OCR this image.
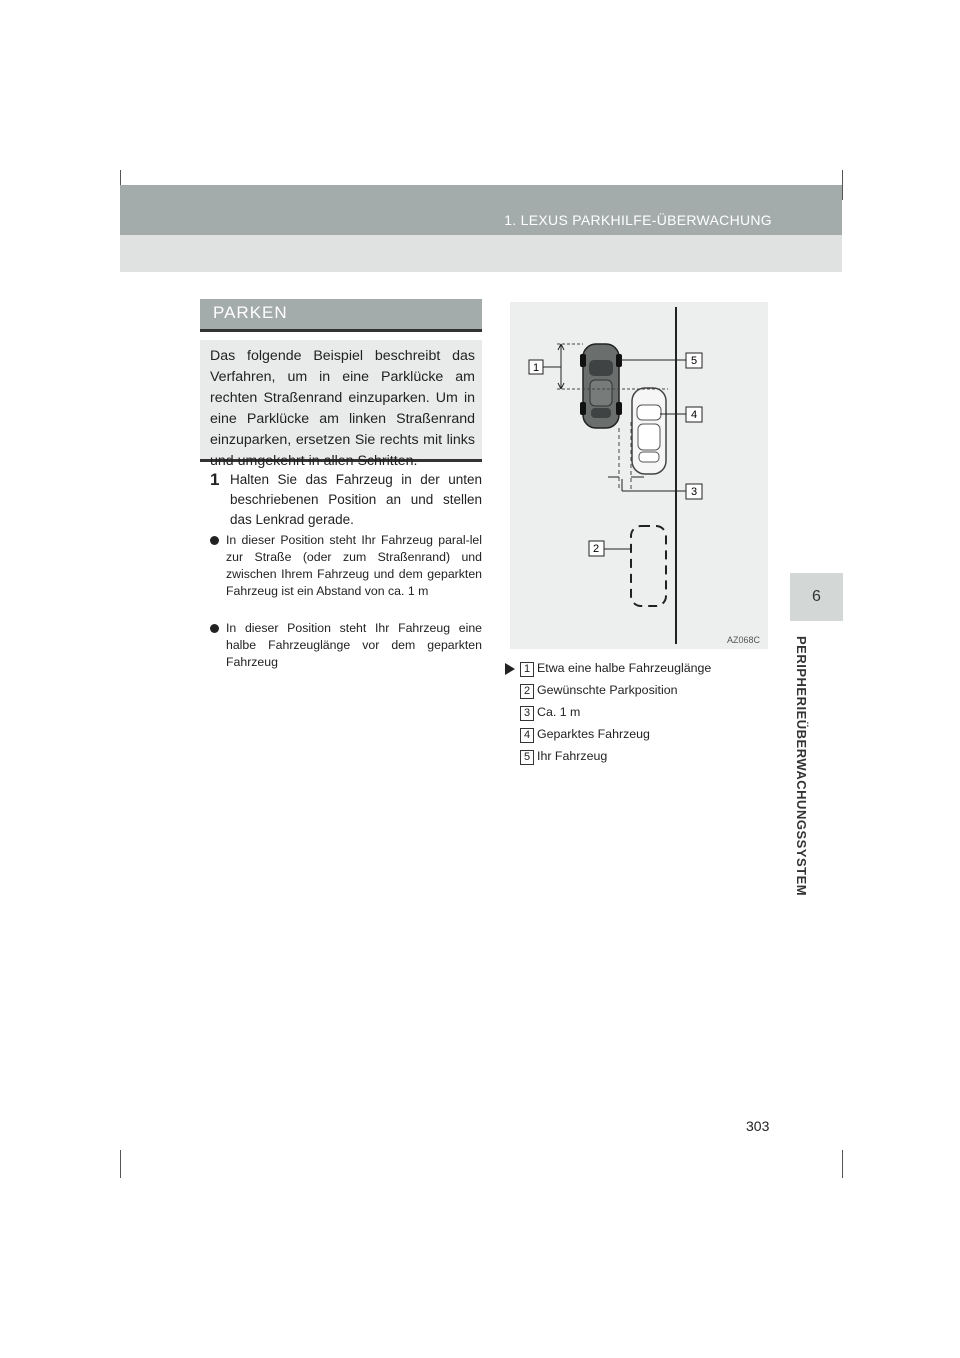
1. LEXUS PARKHILFE-ÜBERWACHUNG
6
PERIPHERIEÜBERWACHUNGSSYSTEM
PARKEN

Das folgende Beispiel beschreibt das Verfahren, um in eine Parklücke am rechten Straßenrand einzuparken. Um in eine Parklücke am linken Straßenrand einzuparken, ersetzen Sie rechts mit links und umgekehrt in allen Schritten.

1 Halten Sie das Fahrzeug in der unten beschriebenen Position an und stellen das Lenkrad gerade.
In dieser Position steht Ihr Fahrzeug paral-lel zur Straße (oder zum Straßenrand) und zwischen Ihrem Fahrzeug und dem geparkten Fahrzeug ist ein Abstand von ca. 1 m
In dieser Position steht Ihr Fahrzeug eine halbe Fahrzeuglänge vor dem geparkten Fahrzeug
1
5
4
3
2
AZ068C
1 Etwa eine halbe Fahrzeuglänge
2 Gewünschte Parkposition
3 Ca. 1 m
4 Geparktes Fahrzeug
5 Ihr Fahrzeug
303
